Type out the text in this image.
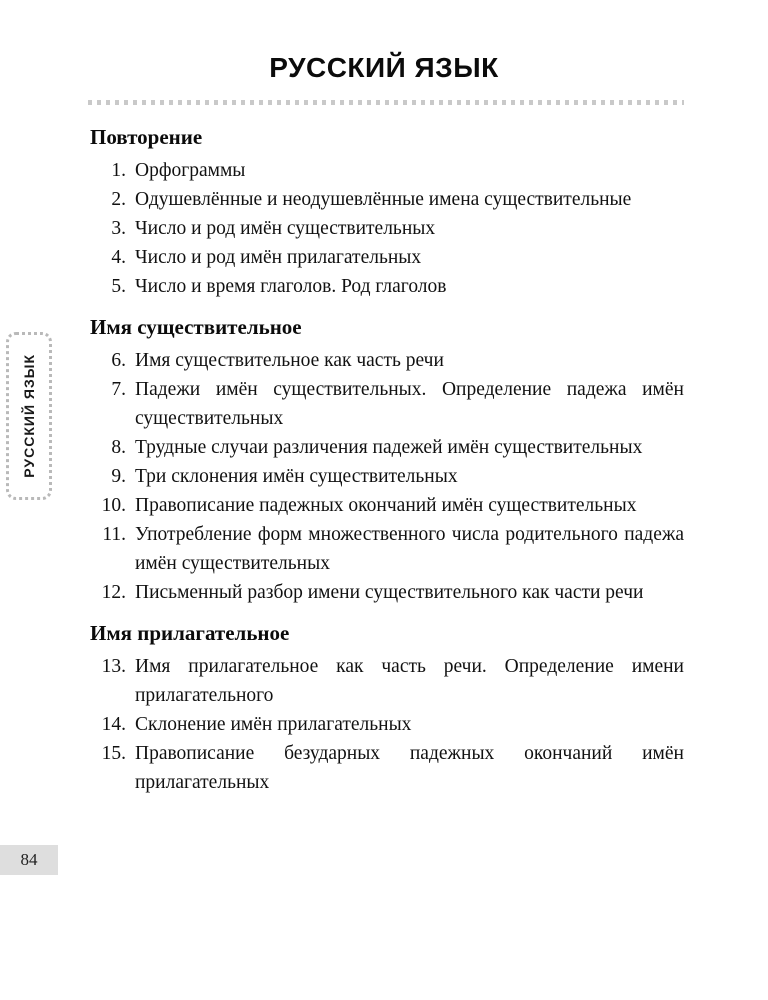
РУССКИЙ ЯЗЫК
Повторение
1. Орфограммы
2. Одушевлённые и неодушевлённые имена существительные
3. Число и род имён существительных
4. Число и род имён прилагательных
5. Число и время глаголов. Род глаголов
Имя существительное
6. Имя существительное как часть речи
7. Падежи имён существительных. Определение падежа имён существительных
8. Трудные случаи различения падежей имён существительных
9. Три склонения имён существительных
10. Правописание падежных окончаний имён существительных
11. Употребление форм множественного числа родительного падежа имён существительных
12. Письменный разбор имени существительного как части речи
Имя прилагательное
13. Имя прилагательное как часть речи. Определение имени прилагательного
14. Склонение имён прилагательных
15. Правописание безударных падежных окончаний имён прилагательных
РУССКИЙ ЯЗЫК
84
